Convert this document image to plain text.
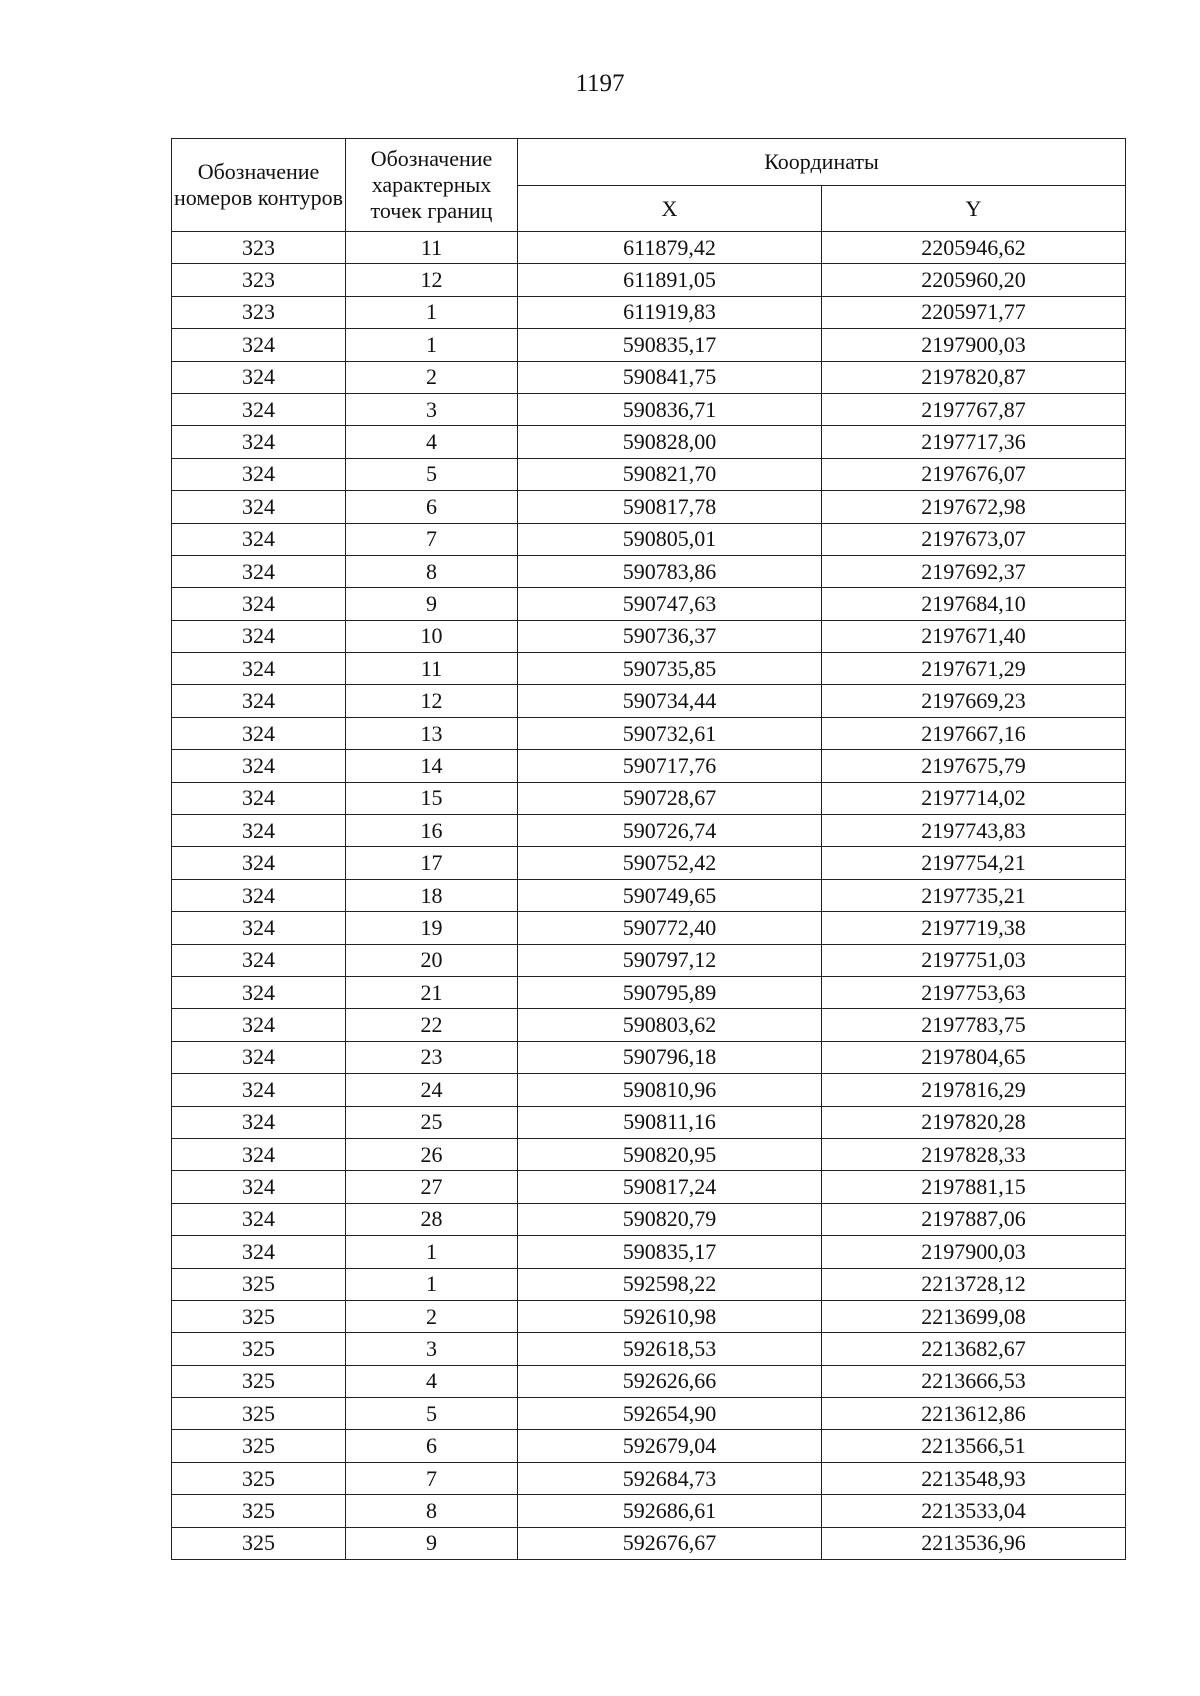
1197
Обозначение номеров контуров	Обозначение характерных точек границ	Координаты	
		X	Y
323	11	611879,42	2205946,62
323	12	611891,05	2205960,20
323	1	611919,83	2205971,77
324	1	590835,17	2197900,03
324	2	590841,75	2197820,87
324	3	590836,71	2197767,87
324	4	590828,00	2197717,36
324	5	590821,70	2197676,07
324	6	590817,78	2197672,98
324	7	590805,01	2197673,07
324	8	590783,86	2197692,37
324	9	590747,63	2197684,10
324	10	590736,37	2197671,40
324	11	590735,85	2197671,29
324	12	590734,44	2197669,23
324	13	590732,61	2197667,16
324	14	590717,76	2197675,79
324	15	590728,67	2197714,02
324	16	590726,74	2197743,83
324	17	590752,42	2197754,21
324	18	590749,65	2197735,21
324	19	590772,40	2197719,38
324	20	590797,12	2197751,03
324	21	590795,89	2197753,63
324	22	590803,62	2197783,75
324	23	590796,18	2197804,65
324	24	590810,96	2197816,29
324	25	590811,16	2197820,28
324	26	590820,95	2197828,33
324	27	590817,24	2197881,15
324	28	590820,79	2197887,06
324	1	590835,17	2197900,03
325	1	592598,22	2213728,12
325	2	592610,98	2213699,08
325	3	592618,53	2213682,67
325	4	592626,66	2213666,53
325	5	592654,90	2213612,86
325	6	592679,04	2213566,51
325	7	592684,73	2213548,93
325	8	592686,61	2213533,04
325	9	592676,67	2213536,96
